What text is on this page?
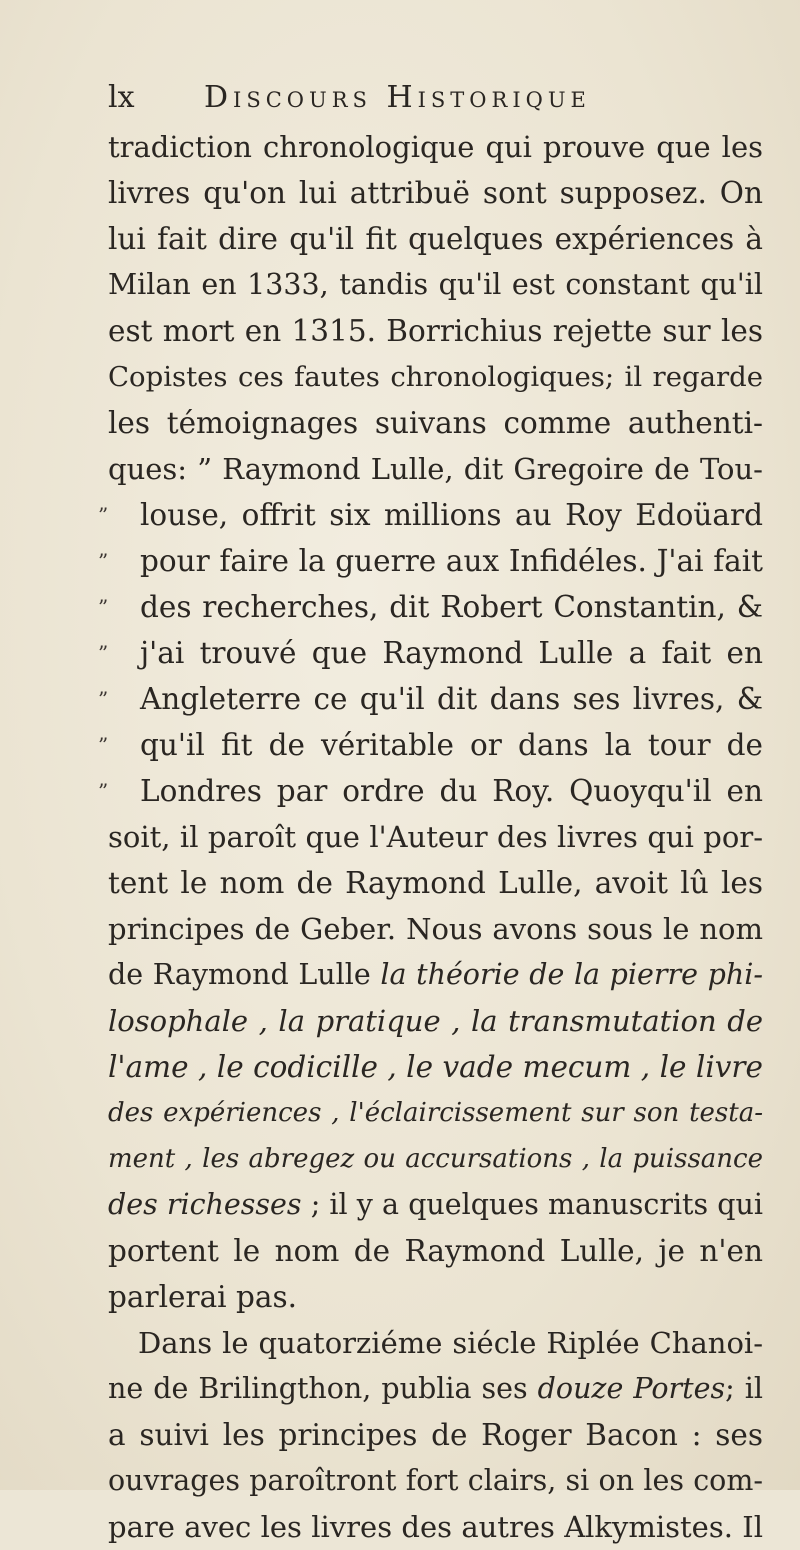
lx Discours Historique
tradiction chronologique qui prouve que les
livres qu'on lui attribuë sont supposez. On
lui fait dire qu'il fit quelques expériences à
Milan en 1333, tandis qu'il est constant qu'il
est mort en 1315. Borrichius rejette sur les
Copistes ces fautes chronologiques; il regarde
les témoignages suivans comme authenti-
ques: ” Raymond Lulle, dit Gregoire de Tou-
” louse, offrit six millions au Roy Edoüard
” pour faire la guerre aux Infidéles. J'ai fait
” des recherches, dit Robert Constantin, &
” j'ai trouvé que Raymond Lulle a fait en
” Angleterre ce qu'il dit dans ses livres, &
” qu'il fit de véritable or dans la tour de
” Londres par ordre du Roy. Quoyqu'il en
soit, il paroît que l'Auteur des livres qui por-
tent le nom de Raymond Lulle, avoit lû les
principes de Geber. Nous avons sous le nom
de Raymond Lulle la théorie de la pierre phi-
losophale , la pratique , la transmutation de
l'ame , le codicille , le vade mecum , le livre
des expériences , l'éclaircissement sur son testa-
ment , les abregez ou accursations , la puissance
des richesses ; il y a quelques manuscrits qui
portent le nom de Raymond Lulle, je n'en
parlerai pas.
Dans le quatorziéme siécle Riplée Chanoi-
ne de Brilingthon, publia ses douze Portes; il
a suivi les principes de Roger Bacon : ses
ouvrages paroîtront fort clairs, si on les com-
pare avec les livres des autres Alkymistes. Il
